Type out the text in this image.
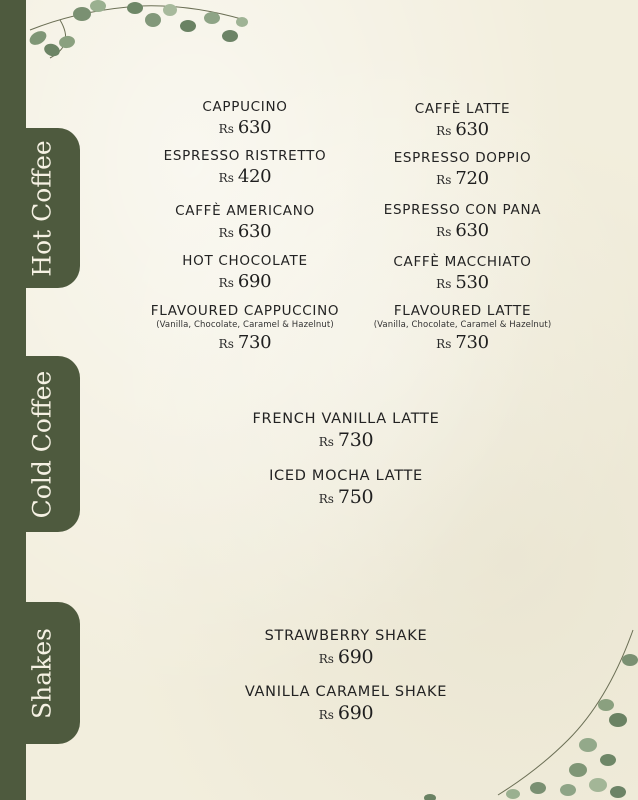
Hot Coffee
Cold Coffee
Shakes
CAPPUCINO
Rs 630
ESPRESSO RISTRETTO
Rs 420
CAFFÈ AMERICANO
Rs 630
HOT CHOCOLATE
Rs 690
FLAVOURED CAPPUCCINO
(Vanilla, Chocolate, Caramel & Hazelnut)
Rs 730
CAFFÈ LATTE
Rs 630
ESPRESSO DOPPIO
Rs 720
ESPRESSO CON PANA
Rs 630
CAFFÈ MACCHIATO
Rs 530
FLAVOURED LATTE
(Vanilla, Chocolate, Caramel & Hazelnut)
Rs 730
FRENCH VANILLA LATTE
Rs 730
ICED MOCHA LATTE
Rs 750
STRAWBERRY SHAKE
Rs 690
VANILLA CARAMEL SHAKE
Rs 690
